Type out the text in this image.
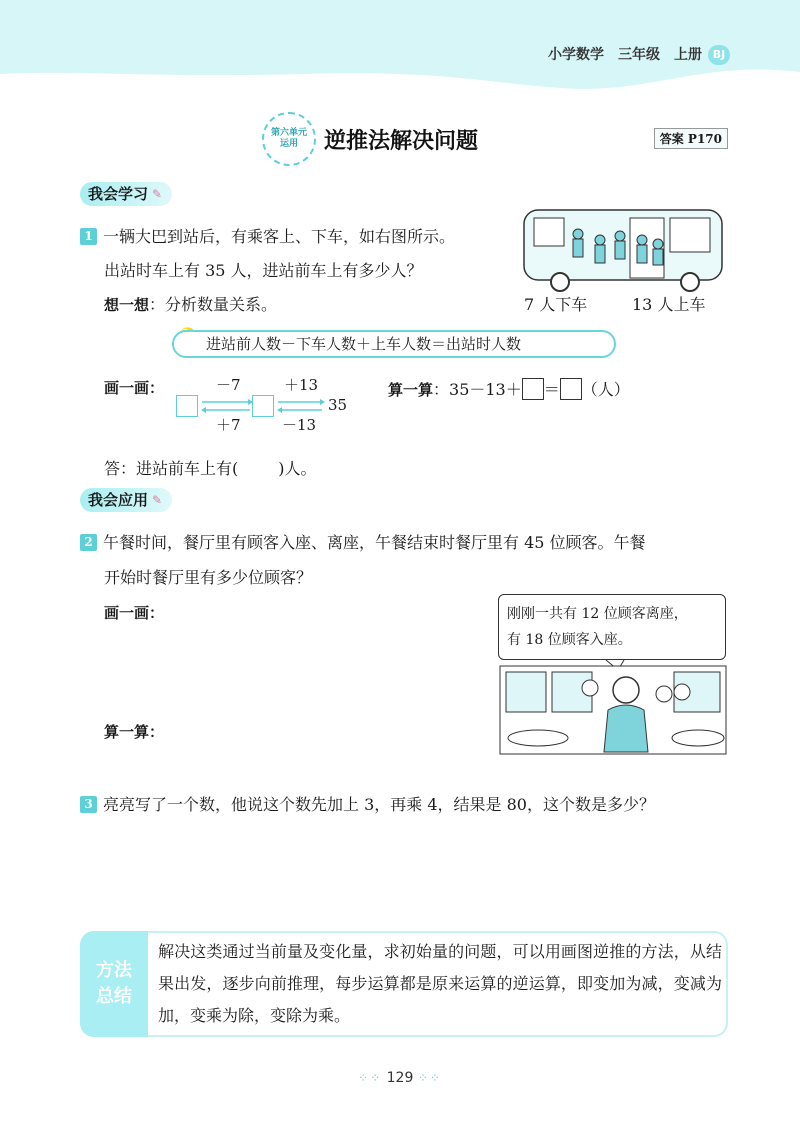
小学数学 三年级 上册 BJ
第六单元
运用	逆推法解决问题	答案 P170
我会学习 ✎
1 一辆大巴到站后，有乘客上、下车，如右图所示。
出站时车上有 35 人，进站前车上有多少人？
想一想：分析数量关系。	7 人下车	13 人上车
进站前人数－下车人数＋上车人数＝出站时人数
画一画：	－7	＋13
＋7	－13
35
算一算：35－13＋ ＝ （人）
答：进站前车上有(	)人。
我会应用 ✎
2 午餐时间，餐厅里有顾客入座、离座，午餐结束时餐厅里有 45 位顾客。午餐
开始时餐厅里有多少位顾客？
画一画：
算一算：
刚刚一共有 12 位顾客离座，
有 18 位顾客入座。
3 亮亮写了一个数，他说这个数先加上 3，再乘 4，结果是 80，这个数是多少？
方法
总结
解决这类通过当前量及变化量，求初始量的问题，可以用画图逆推的方法，从结果出发，逐步向前推理，每步运算都是原来运算的逆运算，即变加为减，变减为加，变乘为除，变除为乘。
⁘⁘ 129 ⁘⁘
